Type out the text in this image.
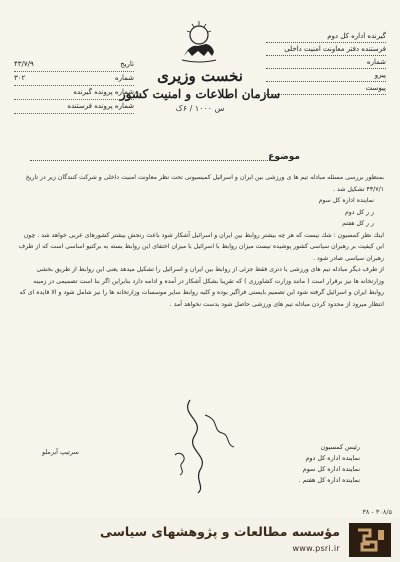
گیرنده اداره کل دوم
فرستنده دفتر معاونت امنیت داخلی
شماره
پیرو
پیوست
تاریخ
۴۳/۷/۹
شماره
۳۰۲
شماره پرونده گیرنده
شماره پرونده فرستنده
نخست وزیری
سازمان اطلاعات و امنیت کشور
س ۱۰۰۰ / ۶ک
موضوع

بمنظور بررسی مسئله مبادله تیم ها ی ورزشی بین ایران و اسرائیل کمیسیونی تحت نظر معاونت امنیت داخلی و شرکت کنندگان زیر در تاریخ ۴۳/۷/۱ تشکیل شد .

نماینده اداره کل سوم

ر ر کل دوم

ر ر کل هفتم

اینك نظر کمسیون : شك نیست که هر چه بیشتر روابط بین ایران و اسرائیل آشکار شود باعث رنجش بیشتر کشورهای عربی خواهد شد . چون این کیفیت بر رهبران سیاسی کشور پوشیده نیست میزان روابط با اسرائیل با میزان اختفای این روابط بسته به برکتیو اساسی است که از طرف رهبران سیاسی صادر شود .

از طرف دیگر مبادله تیم های ورزشی یا دتری فقط جزئی از روابط بین ایران و اسرائیل را تشکیل میدهد یعنی این روابط از طریق بخشی وزارتخانه ها نیز برقرار است ( مانند وزارت کشاورزی ) که تقریبا بشکل آشکار در آمده و ادامه دارد بنابراین اگر بنا است تصمیمی در زمینه روابط ایران و اسرائیل گرفته شود این تصمیم بایستی فراگیر بوده و کلیه روابط سایر موسسات وزارتخانه ها را نیز شامل شود و الا فایده ای که انتظار میرود از محدود کردن مبادله تیم های ورزشی حاصل شود بدست نخواهد آمد .

رئیس کمسیون
نماینده اداره کل دوم
نماینده اداره کل سوم
نماینده اداره کل هفتم .
سرتیپ آبرملو
۳۸ - ۳۰۸/۵
مؤسسه مطالعات و پژوهشهای سیاسی
www.psri.ir
